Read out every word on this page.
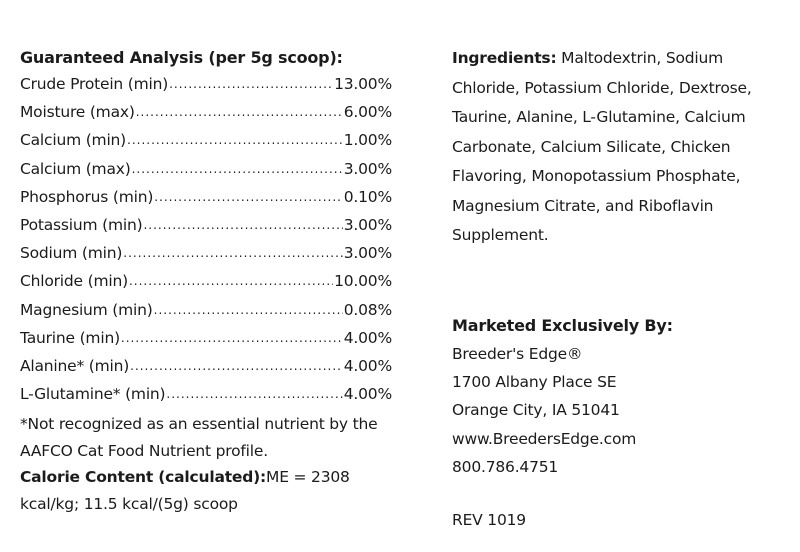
Guaranteed Analysis (per 5g scoop):
Crude Protein (min) .....	13.00%
Moisture (max) .....	6.00%
Calcium (min) .....	1.00%
Calcium (max) .....	3.00%
Phosphorus (min) .....	0.10%
Potassium (min) .....	3.00%
Sodium (min) .....	3.00%
Chloride (min) .....	10.00%
Magnesium (min) .....	0.08%
Taurine (min) .....	4.00%
Alanine* (min) .....	4.00%
L-Glutamine* (min) .....	4.00%
*Not recognized as an essential nutrient by the AAFCO Cat Food Nutrient profile.
Calorie Content (calculated):ME = 2308 kcal/kg; 11.5 kcal/(5g) scoop
Ingredients: Maltodextrin, Sodium Chloride, Potassium Chloride, Dextrose, Taurine, Alanine, L-Glutamine, Calcium Carbonate, Calcium Silicate, Chicken Flavoring, Monopotassium Phosphate, Magnesium Citrate, and Riboflavin Supplement.
Marketed Exclusively By:
Breeder's Edge®
1700 Albany Place SE
Orange City, IA 51041
www.BreedersEdge.com
800.786.4751
REV 1019
